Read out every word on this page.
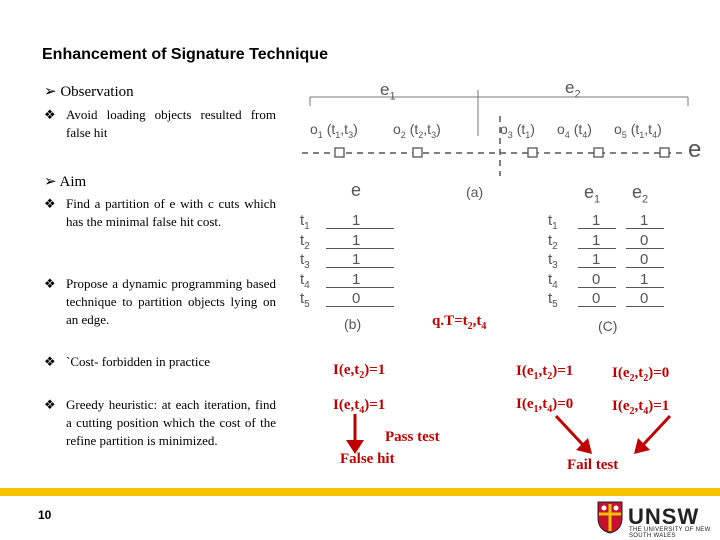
Enhancement of Signature Technique
➢ Observation
❖ Avoid loading objects resulted from false hit
➢ Aim
❖ Find a partition of e with c cuts which has the minimal false hit cost.
❖ Propose a dynamic programming based technique to partition objects lying on an edge.
❖ `Cost- forbidden in practice
❖ Greedy heuristic: at each iteration, find a cutting position which the cost of the refine partition is minimized.
$e_1$	$e_2$
e
$o_1$ $(t_1,t_3)$	$o_2$ $(t_2,t_3)$	$o_3$ $(t_1)$ $o_4$ $(t_4)$ $o_5$ $(t_1,t_4)$
(a)
e
$t_1$	1
$t_2$	1
$t_3$	1
$t_4$	1
$t_5$	0
(b)
$e_1$ $e_2$
$t_1$ 1	1
$t_2$ 1	0
$t_3$ 1	0
$t_4$ 0	1
$t_5$ 0	0
(C)
$q.T=t_2,t_4$
$I(e,t_2)=1$
$I(e,t_4)=1$
$I(e_1,t_2)=1$	$I(e_2,t_2)=0$
$I(e_1,t_4)=0$	$I(e_2,t_4)=1$
Pass test
False hit	Fail test
10	UNSW
THE UNIVERSITY OF NEW SOUTH WALES
